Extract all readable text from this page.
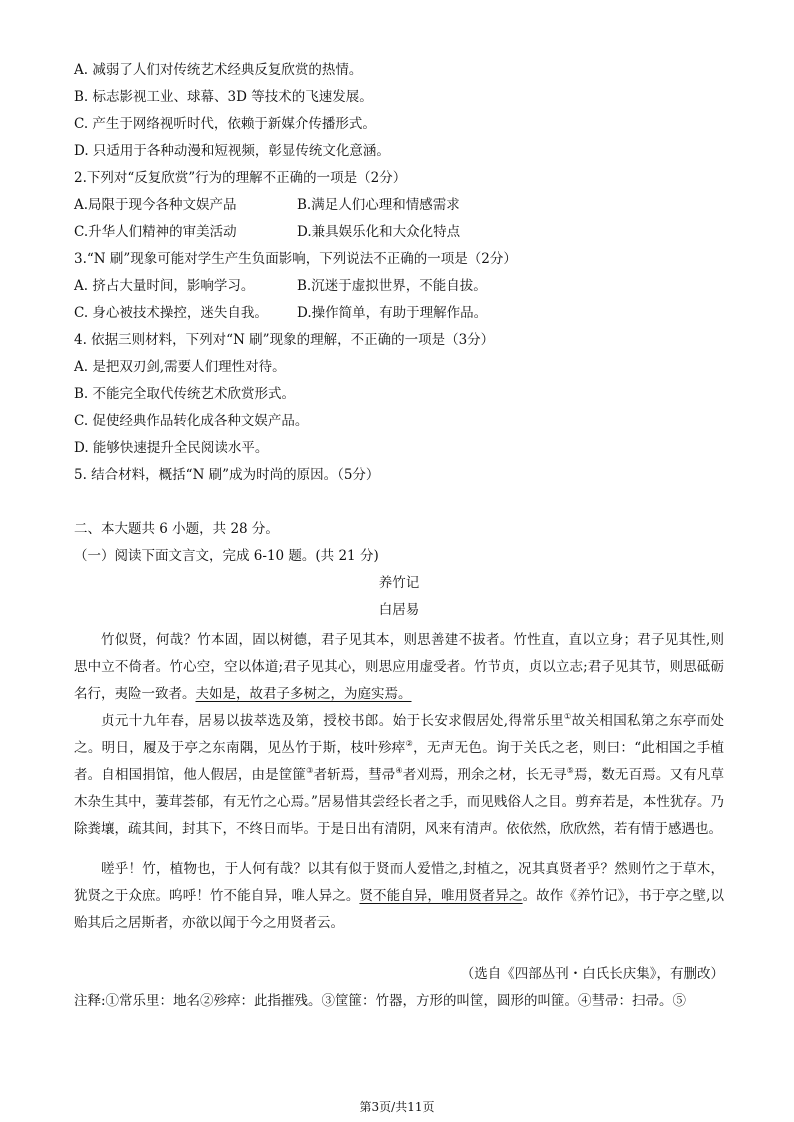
A. 减弱了人们对传统艺术经典反复欣赏的热情。
B. 标志影视工业、球幕、3D 等技术的飞速发展。
C. 产生于网络视听时代，依赖于新媒介传播形式。
D. 只适用于各种动漫和短视频，彰显传统文化意涵。
2.下列对“反复欣赏”行为的理解不正确的一项是（2分）
A.局限于现今各种文娱产品	B.满足人们心理和情感需求
C.升华人们精神的审美活动	D.兼具娱乐化和大众化特点
3.“N 刷”现象可能对学生产生负面影响，下列说法不正确的一项是（2分）
A. 挤占大量时间，影响学习。	B.沉迷于虚拟世界，不能自拔。
C. 身心被技术操控，迷失自我。	D.操作简单，有助于理解作品。
4. 依据三则材料，下列对“N 刷”现象的理解，不正确的一项是（3分）
A. 是把双刃剑,需要人们理性对待。
B. 不能完全取代传统艺术欣赏形式。
C. 促使经典作品转化成各种文娱产品。
D. 能够快速提升全民阅读水平。
5. 结合材料，概括“N 刷”成为时尚的原因。（5分）
二、本大题共 6 小题，共 28 分。
（一）阅读下面文言文，完成 6-10 题。(共 21 分)
养竹记
白居易
竹似贤，何哉？竹本固，固以树德，君子见其本，则思善建不拔者。竹性直，直以立身；君子见其性,则思中立不倚者。竹心空，空以体道;君子见其心，则思应用虚受者。竹节贞，贞以立志;君子见其节，则思砥砺名行，夷险一致者。夫如是，故君子多树之，为庭实焉。
贞元十九年春，居易以拔萃选及第，授校书郎。始于长安求假居处,得常乐里①故关相国私第之东亭而处之。明日，履及于亭之东南隅，见丛竹于斯，枝叶殄瘁②，无声无色。询于关氏之老，则曰：“此相国之手植者。自相国捐馆，他人假居，由是筐篚③者斩焉，彗帚④者刈焉，刑余之材，长无寻⑤焉，数无百焉。又有凡草木杂生其中，萋茸荟郁，有无竹之心焉。”居易惜其尝经长者之手，而见贱俗人之目。剪弃若是，本性犹存。乃除粪壤，疏其间，封其下，不终日而毕。于是日出有清阴，风来有清声。依依然，欣欣然，若有情于感遇也。
嗟乎！竹，植物也，于人何有哉？以其有似于贤而人爱惜之,封植之，况其真贤者乎？然则竹之于草木，犹贤之于众庶。呜呼！竹不能自异，唯人异之。贤不能自异，唯用贤者异之。故作《养竹记》，书于亭之壁,以贻其后之居斯者，亦欲以闻于今之用贤者云。
（选自《四部丛刊・白氏长庆集》，有删改）
注释:①常乐里：地名②殄瘁：此指摧残。③筐篚：竹器，方形的叫筐，圆形的叫篚。④彗帚：扫帚。⑤
第3页/共11页
